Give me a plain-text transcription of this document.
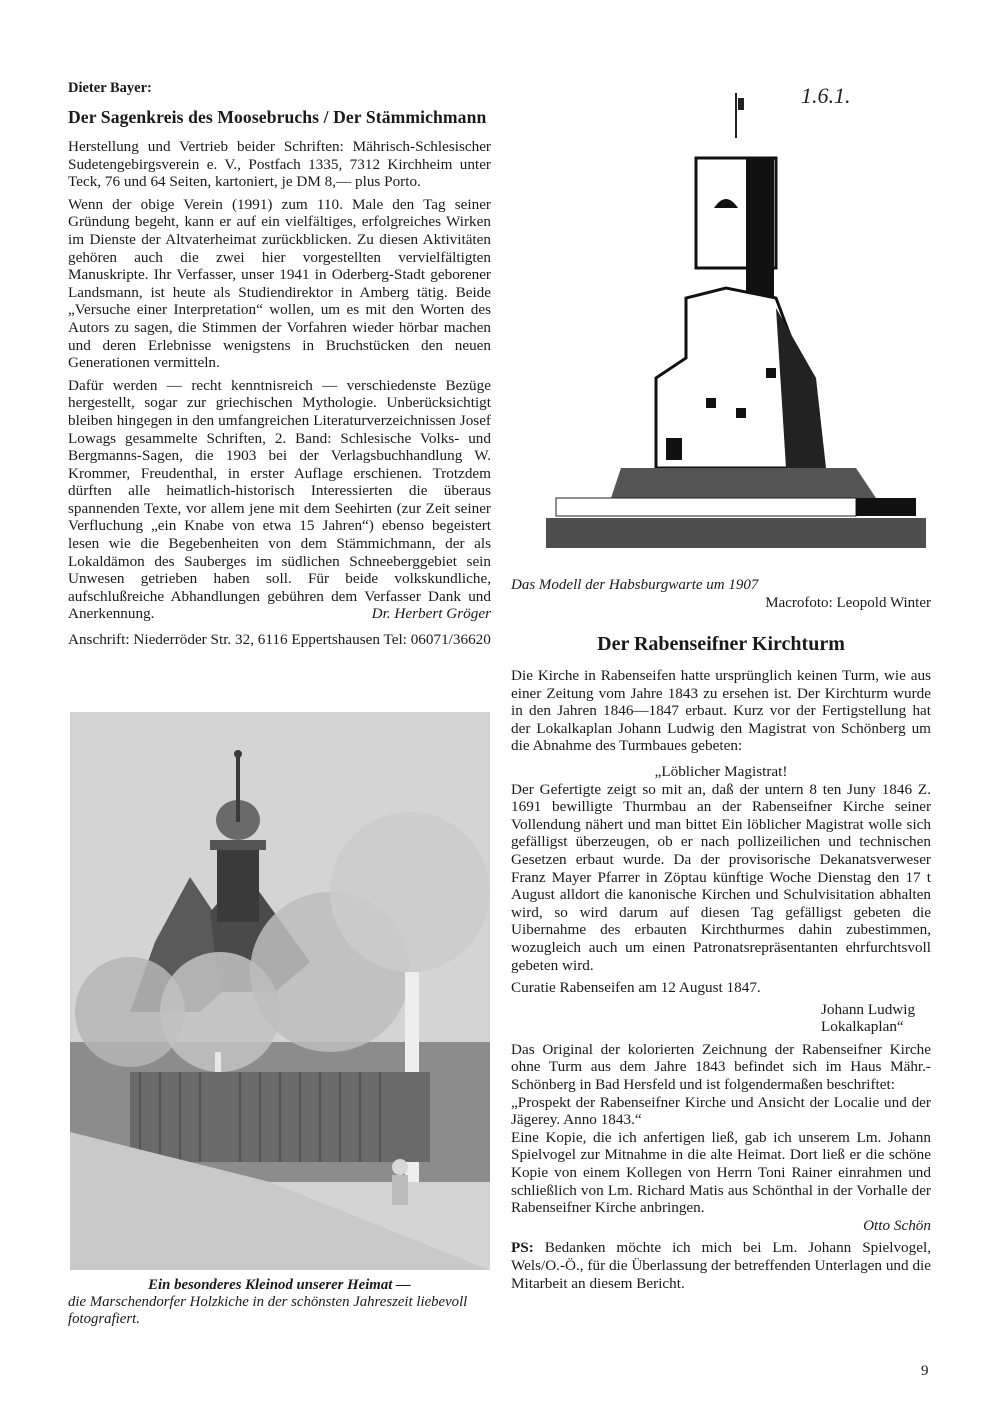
Dieter Bayer:
Der Sagenkreis des Moosebruchs / Der Stämmichmann

Herstellung und Vertrieb beider Schriften: Mährisch-Schlesischer Sudetengebirgsverein e. V., Postfach 1335, 7312 Kirchheim unter Teck, 76 und 64 Seiten, kartoniert, je DM 8,— plus Porto.

Wenn der obige Verein (1991) zum 110. Male den Tag seiner Gründung begeht, kann er auf ein vielfältiges, erfolgreiches Wirken im Dienste der Altvaterheimat zurückblicken. Zu diesen Aktivitäten gehören auch die zwei hier vorgestellten vervielfältigten Manuskripte. Ihr Verfasser, unser 1941 in Oderberg-Stadt geborener Landsmann, ist heute als Studiendirektor in Amberg tätig. Beide „Versuche einer Interpretation“ wollen, um es mit den Worten des Autors zu sagen, die Stimmen der Vorfahren wieder hörbar machen und deren Erlebnisse wenigstens in Bruchstücken den neuen Generationen vermitteln.

Dafür werden — recht kenntnisreich — verschiedenste Bezüge hergestellt, sogar zur griechischen Mythologie. Unberücksichtigt bleiben hingegen in den umfangreichen Literaturverzeichnissen Josef Lowags gesammelte Schriften, 2. Band: Schlesische Volks- und Bergmanns-Sagen, die 1903 bei der Verlagsbuchhandlung W. Krommer, Freudenthal, in erster Auflage erschienen. Trotzdem dürften alle heimatlich-historisch Interessierten die überaus spannenden Texte, vor allem jene mit dem Seehirten (zur Zeit seiner Verfluchung „ein Knabe von etwa 15 Jahren“) ebenso begeistert lesen wie die Begebenheiten von dem Stämmichmann, der als Lokaldämon des Sauberges im südlichen Schneeberggebiet sein Unwesen getrieben haben soll. Für beide volkskundliche, aufschlußreiche Abhandlungen gebühren dem Verfasser Dank und Anerkennung.	Dr. Herbert Gröger

Anschrift: Niederröder Str. 32, 6116 Eppertshausen Tel: 06071/36620

Ein besonderes Kleinod unserer Heimat —
die Marschendorfer Holzkiche in der schönsten Jahreszeit liebevoll fotografiert.
1.6.1.
Das Modell der Habsburgwarte um 1907
Macrofoto: Leopold Winter
Der Rabenseifner Kirchturm

Die Kirche in Rabenseifen hatte ursprünglich keinen Turm, wie aus einer Zeitung vom Jahre 1843 zu ersehen ist. Der Kirchturm wurde in den Jahren 1846—1847 erbaut. Kurz vor der Fertigstellung hat der Lokalkaplan Johann Ludwig den Magistrat von Schönberg um die Abnahme des Turmbaues gebeten:

„Löblicher Magistrat!

Der Gefertigte zeigt so mit an, daß der untern 8 ten Juny 1846 Z. 1691 bewilligte Thurmbau an der Rabenseifner Kirche seiner Vollendung nähert und man bittet Ein löblicher Magistrat wolle sich gefälligst überzeugen, ob er nach pollizeilichen und technischen Gesetzen erbaut wurde. Da der provisorische Dekanatsverweser Franz Mayer Pfarrer in Zöptau künftige Woche Dienstag den 17 t August alldort die kanonische Kirchen und Schulvisitation abhalten wird, so wird darum auf diesen Tag gefälligst gebeten die Uibernahme des erbauten Kirchthurmes dahin zubestimmen, wozugleich auch um einen Patronatsrepräsentanten ehrfurchtsvoll gebeten wird.

Curatie Rabenseifen am 12 August 1847.

Johann Ludwig

Lokalkaplan“

Das Original der kolorierten Zeichnung der Rabenseifner Kirche ohne Turm aus dem Jahre 1843 befindet sich im Haus Mähr.-Schönberg in Bad Hersfeld und ist folgendermaßen beschriftet:

„Prospekt der Rabenseifner Kirche und Ansicht der Localie und der Jägerey. Anno 1843.“

Eine Kopie, die ich anfertigen ließ, gab ich unserem Lm. Johann Spielvogel zur Mitnahme in die alte Heimat. Dort ließ er die schöne Kopie von einem Kollegen von Herrn Toni Rainer einrahmen und schließlich von Lm. Richard Matis aus Schönthal in der Vorhalle der Rabenseifner Kirche anbringen.

Otto Schön

PS: Bedanken möchte ich mich bei Lm. Johann Spielvogel, Wels/O.-Ö., für die Überlassung der betreffenden Unterlagen und die Mitarbeit an diesem Bericht.

9
